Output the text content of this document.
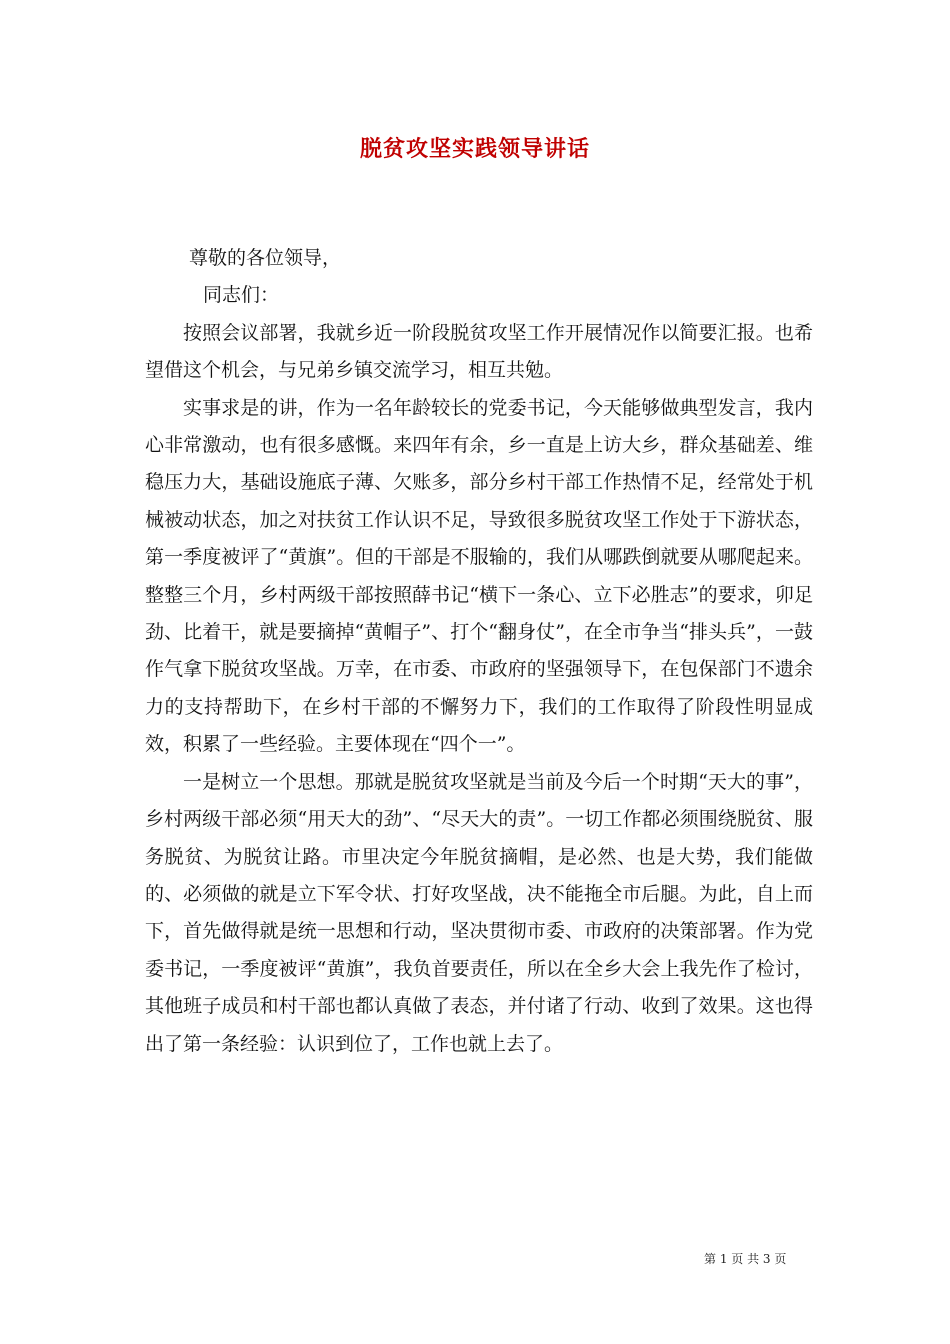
脱贫攻坚实践领导讲话

尊敬的各位领导，

同志们：

按照会议部署，我就乡近一阶段脱贫攻坚工作开展情况作以简要汇报。也希望借这个机会，与兄弟乡镇交流学习，相互共勉。

实事求是的讲，作为一名年龄较长的党委书记，今天能够做典型发言，我内心非常激动，也有很多感慨。来四年有余，乡一直是上访大乡，群众基础差、维稳压力大，基础设施底子薄、欠账多，部分乡村干部工作热情不足，经常处于机械被动状态，加之对扶贫工作认识不足，导致很多脱贫攻坚工作处于下游状态，第一季度被评了“黄旗”。但的干部是不服输的，我们从哪跌倒就要从哪爬起来。整整三个月，乡村两级干部按照薛书记“横下一条心、立下必胜志”的要求，卯足劲、比着干，就是要摘掉“黄帽子”、打个“翻身仗”，在全市争当“排头兵”，一鼓作气拿下脱贫攻坚战。万幸，在市委、市政府的坚强领导下，在包保部门不遗余力的支持帮助下，在乡村干部的不懈努力下，我们的工作取得了阶段性明显成效，积累了一些经验。主要体现在“四个一”。

一是树立一个思想。那就是脱贫攻坚就是当前及今后一个时期“天大的事”，乡村两级干部必须“用天大的劲”、“尽天大的责”。一切工作都必须围绕脱贫、服务脱贫、为脱贫让路。市里决定今年脱贫摘帽，是必然、也是大势，我们能做的、必须做的就是立下军令状、打好攻坚战，决不能拖全市后腿。为此，自上而下，首先做得就是统一思想和行动，坚决贯彻市委、市政府的决策部署。作为党委书记，一季度被评“黄旗”，我负首要责任，所以在全乡大会上我先作了检讨，其他班子成员和村干部也都认真做了表态，并付诸了行动、收到了效果。这也得出了第一条经验：认识到位了，工作也就上去了。

第 1 页 共 3 页
